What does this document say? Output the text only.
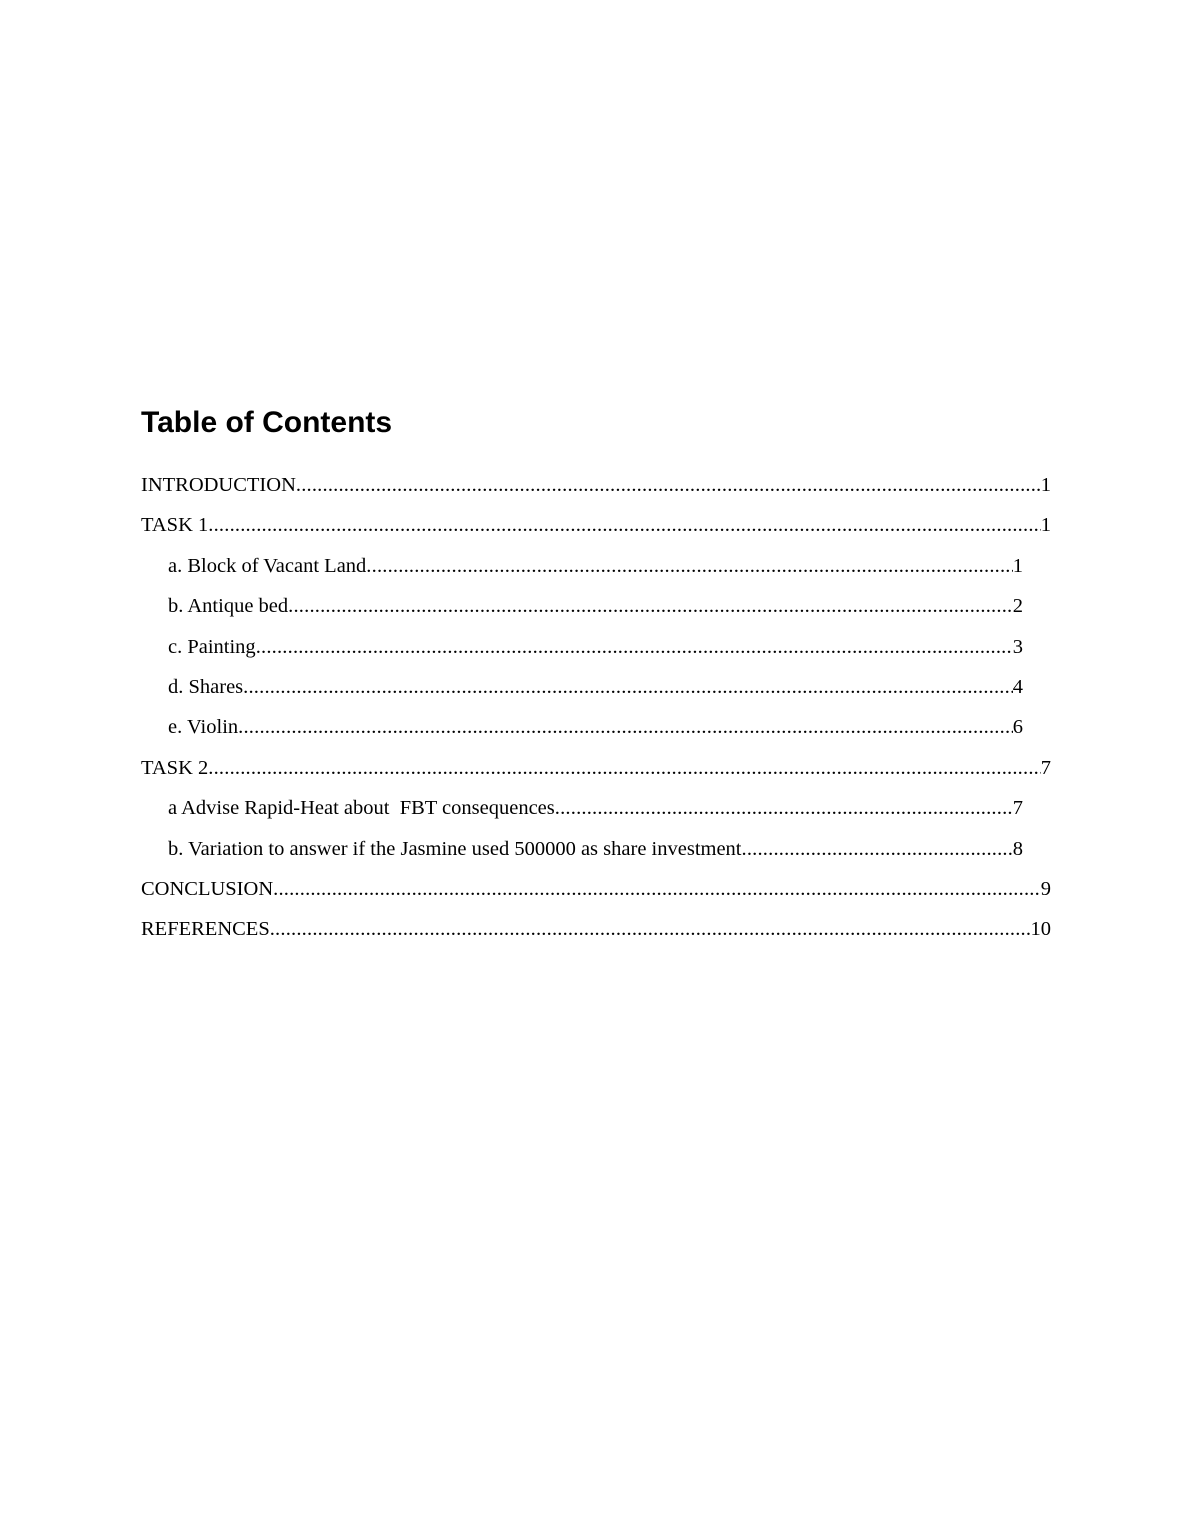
Table of Contents
INTRODUCTION .....	1
TASK 1 .....	1
a. Block of Vacant Land .....	1
b. Antique bed .....	2
c. Painting .....	3
d. Shares .....	4
e. Violin .....	6
TASK 2 .....	7
a Advise Rapid-Heat about  FBT consequences .....	7
b. Variation to answer if the Jasmine used 500000 as share investment .....	8
CONCLUSION .....	9
REFERENCES .....	10
